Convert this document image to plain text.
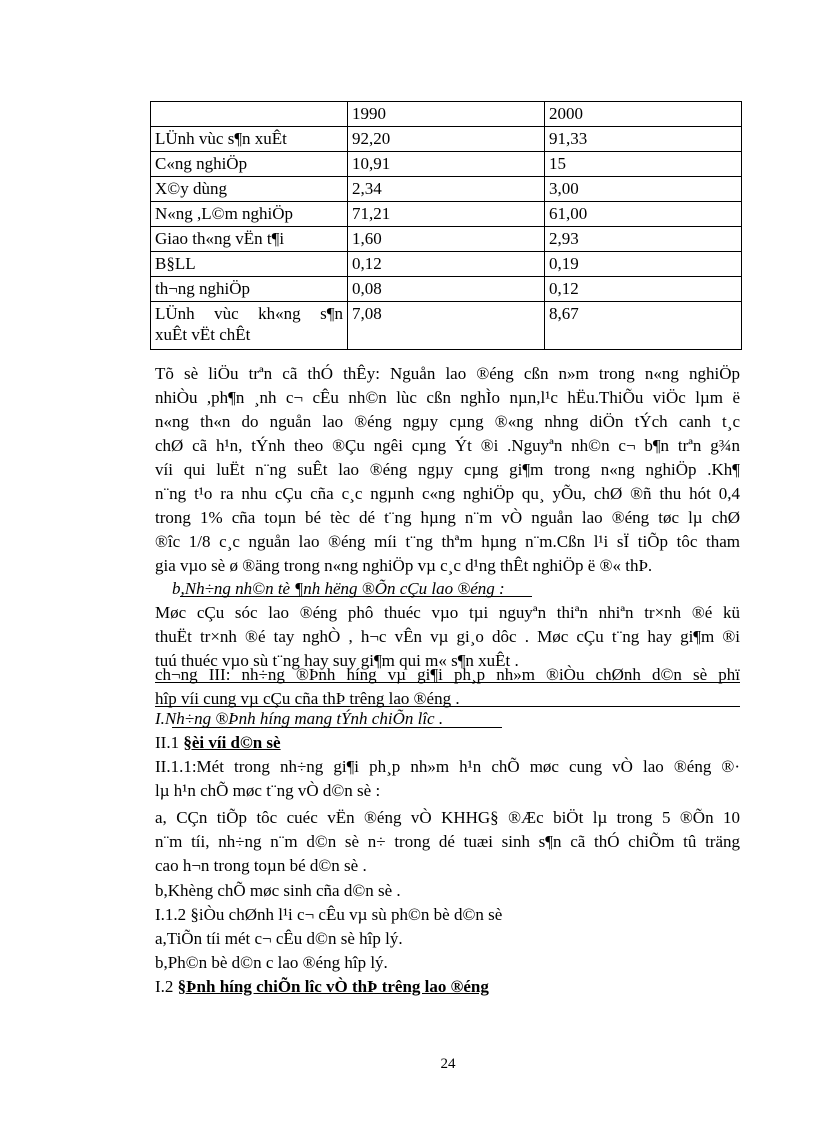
	1990	2000
LÜnh vùc s¶n xuÊt	92,20	91,33
C«ng nghiÖp	10,91	15
X©y dùng	2,34	3,00
N«ng ,L©m nghiÖp	71,21	61,00
Giao th«ng vËn t¶i	1,60	2,93
B§LL	0,12	0,19
th¬ng nghiÖp	0,08	0,12

LÜnh vùc kh«ng s¶n
xuÊt vËt chÊt	7,08	8,67
Tõ sè liÖu trªn cã thÓ thÊy: Nguån lao ®éng cßn n»m trong n«ng nghiÖp
nhiÒu ,ph¶n ¸nh c¬ cÊu nh©n lùc cßn nghÌo nµn,l¹c hËu.ThiÕu viÖc lµm ë
n«ng th«n do nguån lao ®éng ngµy cµng ®«ng nhng diÖn tÝch canh t¸c
chØ cã h¹n, tÝnh theo ®Çu ngêi cµng Ýt ®i .Nguyªn nh©n c¬ b¶n trªn g¾n
víi qui luËt n¨ng suÊt lao ®éng ngµy cµng gi¶m trong n«ng nghiÖp .Kh¶
n¨ng t¹o ra nhu cÇu cña c¸c ngµnh c«ng nghiÖp qu¸ yÕu, chØ ®ñ thu hót 0,4
trong 1% cña toµn bé tèc dé t¨ng hµng n¨m vÒ nguån lao ®éng tøc lµ chØ
®îc 1/8 c¸c nguån lao ®éng míi t¨ng thªm hµng n¨m.Cßn l¹i sÏ tiÕp tôc tham
gia vµo sè ø ®äng trong n«ng nghiÖp vµ c¸c d¹ng thÊt nghiÖp ë ®« thÞ.
b,Nh÷ng nh©n tè ¶nh hëng ®Õn cÇu lao ®éng :
Møc cÇu sóc lao ®éng phô thuéc vµo tµi nguyªn thiªn nhiªn tr×nh ®é kü
thuËt tr×nh ®é tay nghÒ , h¬c vÊn vµ gi¸o dôc . Møc cÇu t¨ng hay gi¶m ®i
tuú thuéc vµo sù t¨ng hay suy gi¶m qui m« s¶n xuÊt .
ch¬ng III: nh÷ng ®Þnh híng vµ gi¶i ph¸p nh»m ®iÒu chØnh d©n sè phï
hîp víi cung vµ cÇu cña thÞ trêng lao ®éng .
I.Nh÷ng ®Þnh híng mang tÝnh chiÕn lîc .
II.1 §èi víi d©n sè
II.1.1:Mét trong nh÷ng gi¶i ph¸p nh»m h¹n chÕ møc cung vÒ lao ®éng ®·
lµ h¹n chÕ møc t¨ng vÒ d©n sè :
a, CÇn tiÕp tôc cuéc vËn ®éng vÒ KHHG§ ®Æc biÖt lµ trong 5 ®Õn 10
n¨m tíi, nh÷ng n¨m d©n sè n÷ trong dé tuæi sinh s¶n cã thÓ chiÕm tû träng
cao h¬n trong toµn bé d©n sè .
b,Khèng chÕ møc sinh cña d©n sè .
I.1.2 §iÒu chØnh l¹i c¬ cÊu vµ sù ph©n bè d©n sè
a,TiÕn tíi mét c¬ cÊu d©n sè hîp lý.
b,Ph©n bè d©n c lao ®éng hîp lý.
I.2 §Þnh híng chiÕn lîc vÒ thÞ trêng lao ®éng
24
